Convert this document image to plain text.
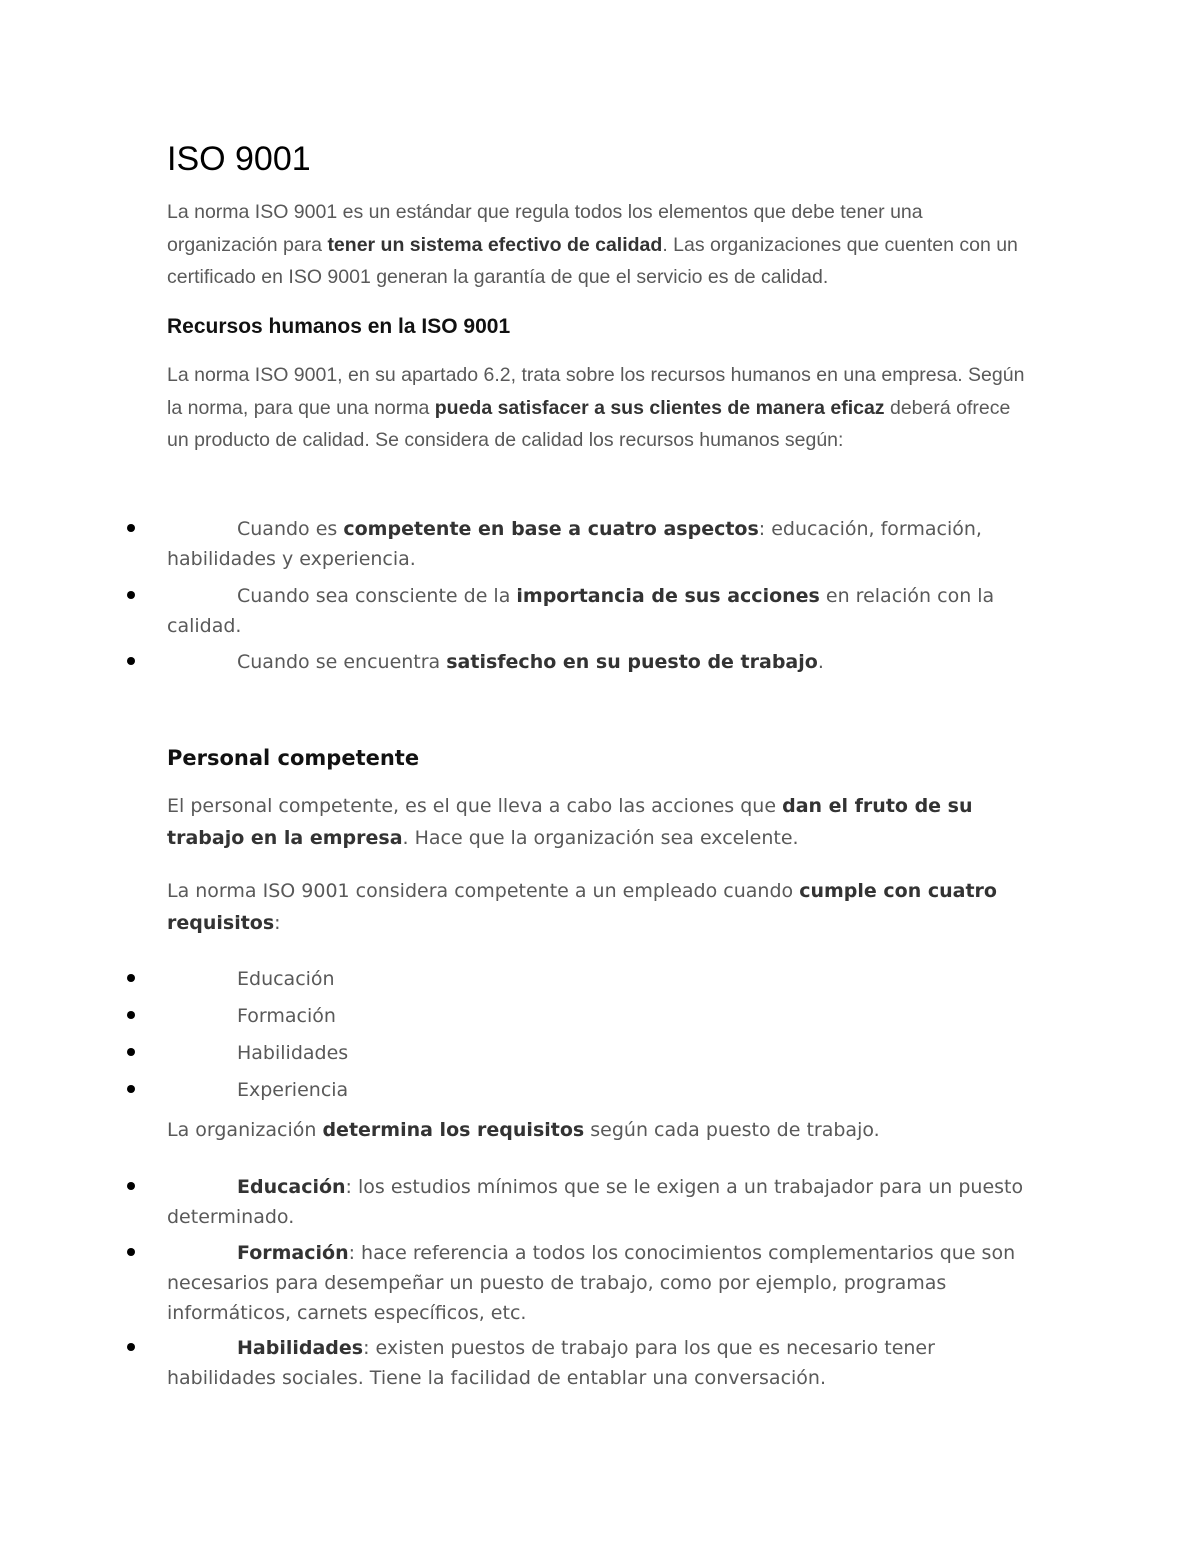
ISO 9001

La norma ISO 9001 es un estándar que regula todos los elementos que debe tener una organización para tener un sistema efectivo de calidad. Las organizaciones que cuenten con un certificado en ISO 9001 generan la garantía de que el servicio es de calidad.

Recursos humanos en la ISO 9001

La norma ISO 9001, en su apartado 6.2, trata sobre los recursos humanos en una empresa. Según la norma, para que una norma pueda satisfacer a sus clientes de manera eficaz deberá ofrece un producto de calidad. Se considera de calidad los recursos humanos según:

Cuando es competente en base a cuatro aspectos: educación, formación, habilidades y experiencia.
Cuando sea consciente de la importancia de sus acciones en relación con la calidad.
Cuando se encuentra satisfecho en su puesto de trabajo.
Personal competente

El personal competente, es el que lleva a cabo las acciones que dan el fruto de su trabajo en la empresa. Hace que la organización sea excelente.

La norma ISO 9001 considera competente a un empleado cuando cumple con cuatro requisitos:

Educación
Formación
Habilidades
Experiencia

La organización determina los requisitos según cada puesto de trabajo.

Educación: los estudios mínimos que se le exigen a un trabajador para un puesto determinado.
Formación: hace referencia a todos los conocimientos complementarios que son necesarios para desempeñar un puesto de trabajo, como por ejemplo, programas informáticos, carnets específicos, etc.
Habilidades: existen puestos de trabajo para los que es necesario tener habilidades sociales. Tiene la facilidad de entablar una conversación.
